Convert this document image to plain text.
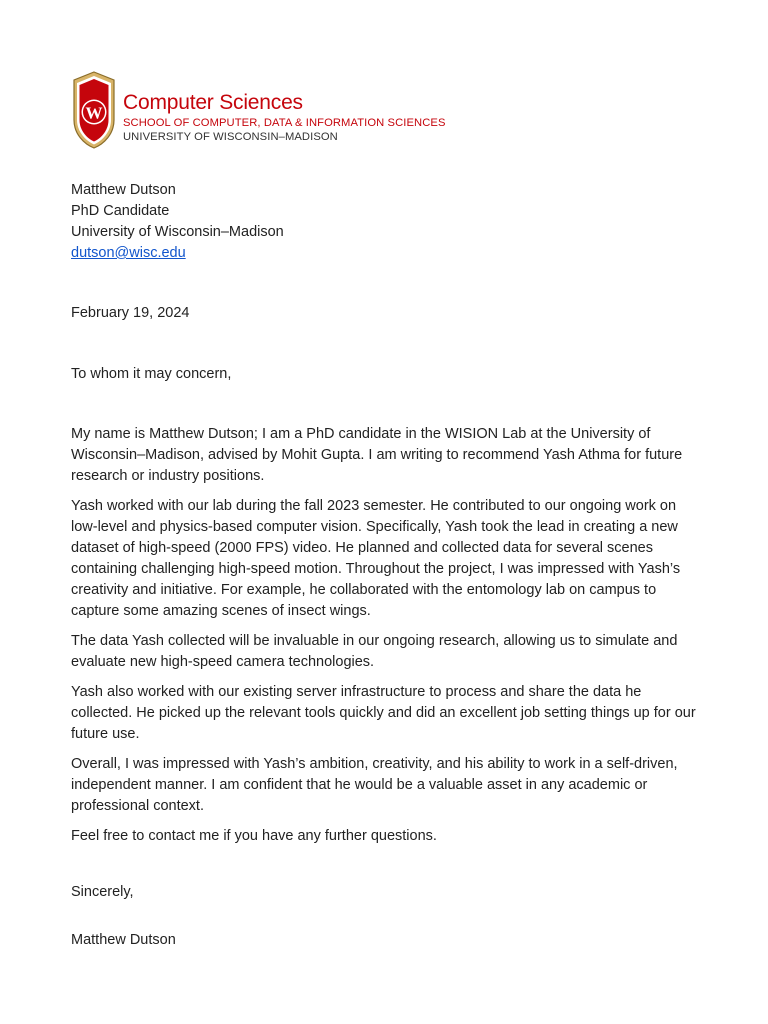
W Computer Sciences
SCHOOL OF COMPUTER, DATA & INFORMATION SCIENCES
UNIVERSITY OF WISCONSIN–MADISON
Matthew Dutson
PhD Candidate
University of Wisconsin–Madison
dutson@wisc.edu
February 19, 2024
To whom it may concern,

My name is Matthew Dutson; I am a PhD candidate in the WISION Lab at the University of Wisconsin–Madison, advised by Mohit Gupta. I am writing to recommend Yash Athma for future research or industry positions.

Yash worked with our lab during the fall 2023 semester. He contributed to our ongoing work on low-level and physics-based computer vision. Specifically, Yash took the lead in creating a new dataset of high-speed (2000 FPS) video. He planned and collected data for several scenes containing challenging high-speed motion. Throughout the project, I was impressed with Yash’s creativity and initiative. For example, he collaborated with the entomology lab on campus to capture some amazing scenes of insect wings.

The data Yash collected will be invaluable in our ongoing research, allowing us to simulate and evaluate new high-speed camera technologies.

Yash also worked with our existing server infrastructure to process and share the data he collected. He picked up the relevant tools quickly and did an excellent job setting things up for our future use.

Overall, I was impressed with Yash’s ambition, creativity, and his ability to work in a self-driven, independent manner. I am confident that he would be a valuable asset in any academic or professional context.

Feel free to contact me if you have any further questions.

Sincerely,
Matthew Dutson
